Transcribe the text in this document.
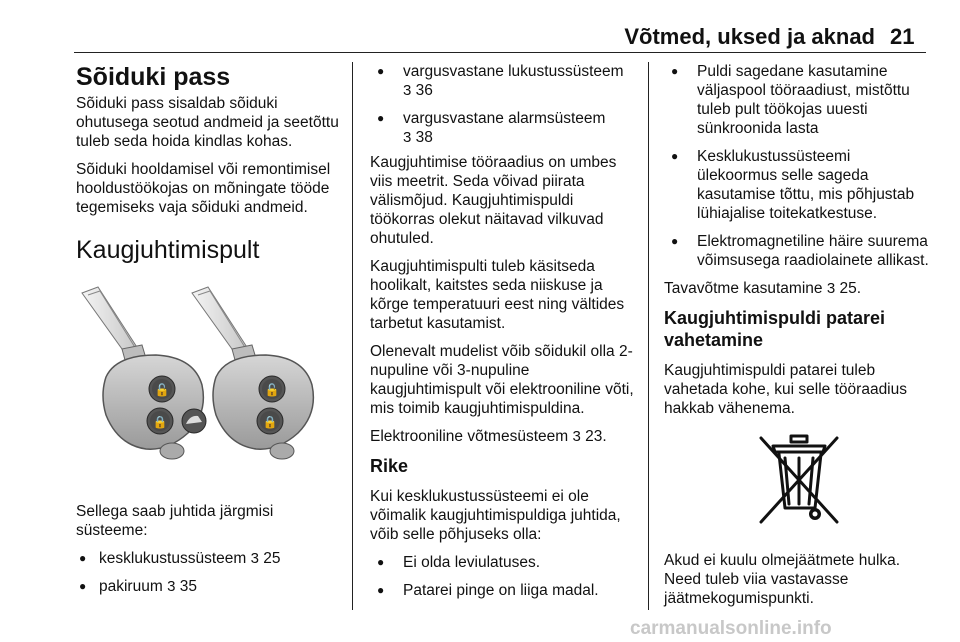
Võtmed, uksed ja aknad 21
Sõiduki pass

Sõiduki pass sisaldab sõiduki ohutusega seotud andmeid ja seetõttu tuleb seda hoida kindlas kohas.

Sõiduki hooldamisel või remontimisel hooldustöökojas on mõningate tööde tegemiseks vaja sõiduki andmeid.

Kaugjuhtimispult
🔓
🔒
🔓
🔒

Sellega saab juhtida järgmisi süsteeme:

● kesklukustussüsteem 3 25
● pakiruum 3 35
● vargusvastane lukustussüsteem
3 36
● vargusvastane alarmsüsteem
3 38

Kaugjuhtimise tööraadius on umbes viis meetrit. Seda võivad piirata välismõjud. Kaugjuhtimispuldi töökorras olekut näitavad vilkuvad ohutuled.

Kaugjuhtimispulti tuleb käsitseda hoolikalt, kaitstes seda niiskuse ja kõrge temperatuuri eest ning vältides tarbetut kasutamist.

Olenevalt mudelist võib sõidukil olla 2-nupuline või 3-nupuline kaugjuhtimispult või elektrooniline võti, mis toimib kaugjuhtimispuldina.

Elektrooniline võtmesüsteem 3 23.

Rike

Kui kesklukustussüsteemi ei ole võimalik kaugjuhtimispuldiga juhtida, võib selle põhjuseks olla:

● Ei olda leviulatuses.
● Patarei pinge on liiga madal.
● Puldi sagedane kasutamine väljaspool tööraadiust, mistõttu tuleb pult töökojas uuesti sünkroonida lasta
● Kesklukustussüsteemi ülekoormus selle sageda kasutamise tõttu, mis põhjustab lühiajalise toitekatkestuse.
● Elektromagnetiline häire suurema võimsusega raadiolainete allikast.

Tavavõtme kasutamine 3 25.

Kaugjuhtimispuldi patarei vahetamine

Kaugjuhtimispuldi patarei tuleb vahetada kohe, kui selle tööraadius hakkab vähenema.

Akud ei kuulu olmejäätmete hulka. Need tuleb viia vastavasse jäätmekogumispunkti.

carmanualsonline.info
